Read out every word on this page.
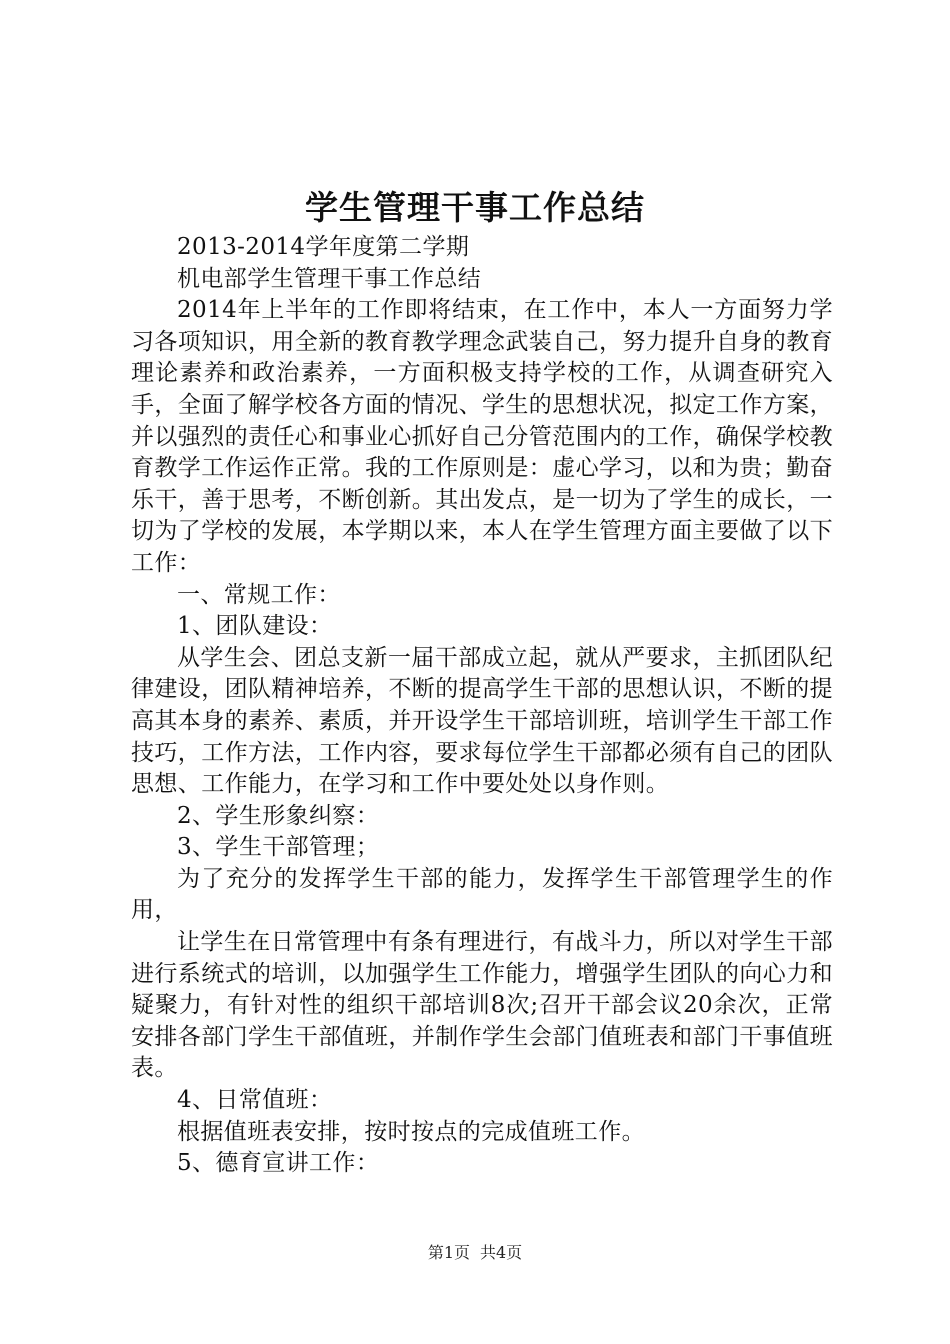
学生管理干事工作总结

2013-2014学年度第二学期

机电部学生管理干事工作总结

2014年上半年的工作即将结束，在工作中，本人一方面努力学习各项知识，用全新的教育教学理念武装自己，努力提升自身的教育理论素养和政治素养，一方面积极支持学校的工作，从调查研究入手，全面了解学校各方面的情况、学生的思想状况，拟定工作方案，并以强烈的责任心和事业心抓好自己分管范围内的工作，确保学校教育教学工作运作正常。我的工作原则是：虚心学习，以和为贵；勤奋乐干，善于思考，不断创新。其出发点，是一切为了学生的成长，一切为了学校的发展，本学期以来，本人在学生管理方面主要做了以下工作：

一、常规工作：

1、团队建设：

从学生会、团总支新一届干部成立起，就从严要求，主抓团队纪律建设，团队精神培养，不断的提高学生干部的思想认识，不断的提高其本身的素养、素质，并开设学生干部培训班，培训学生干部工作技巧，工作方法，工作内容，要求每位学生干部都必须有自己的团队思想、工作能力，在学习和工作中要处处以身作则。

2、学生形象纠察：

3、学生干部管理；

为了充分的发挥学生干部的能力，发挥学生干部管理学生的作用，

让学生在日常管理中有条有理进行，有战斗力，所以对学生干部进行系统式的培训，以加强学生工作能力，增强学生团队的向心力和疑聚力，有针对性的组织干部培训8次;召开干部会议20余次，正常安排各部门学生干部值班，并制作学生会部门值班表和部门干事值班表。

4、日常值班：

根据值班表安排，按时按点的完成值班工作。

5、德育宣讲工作：

第1页 共4页
